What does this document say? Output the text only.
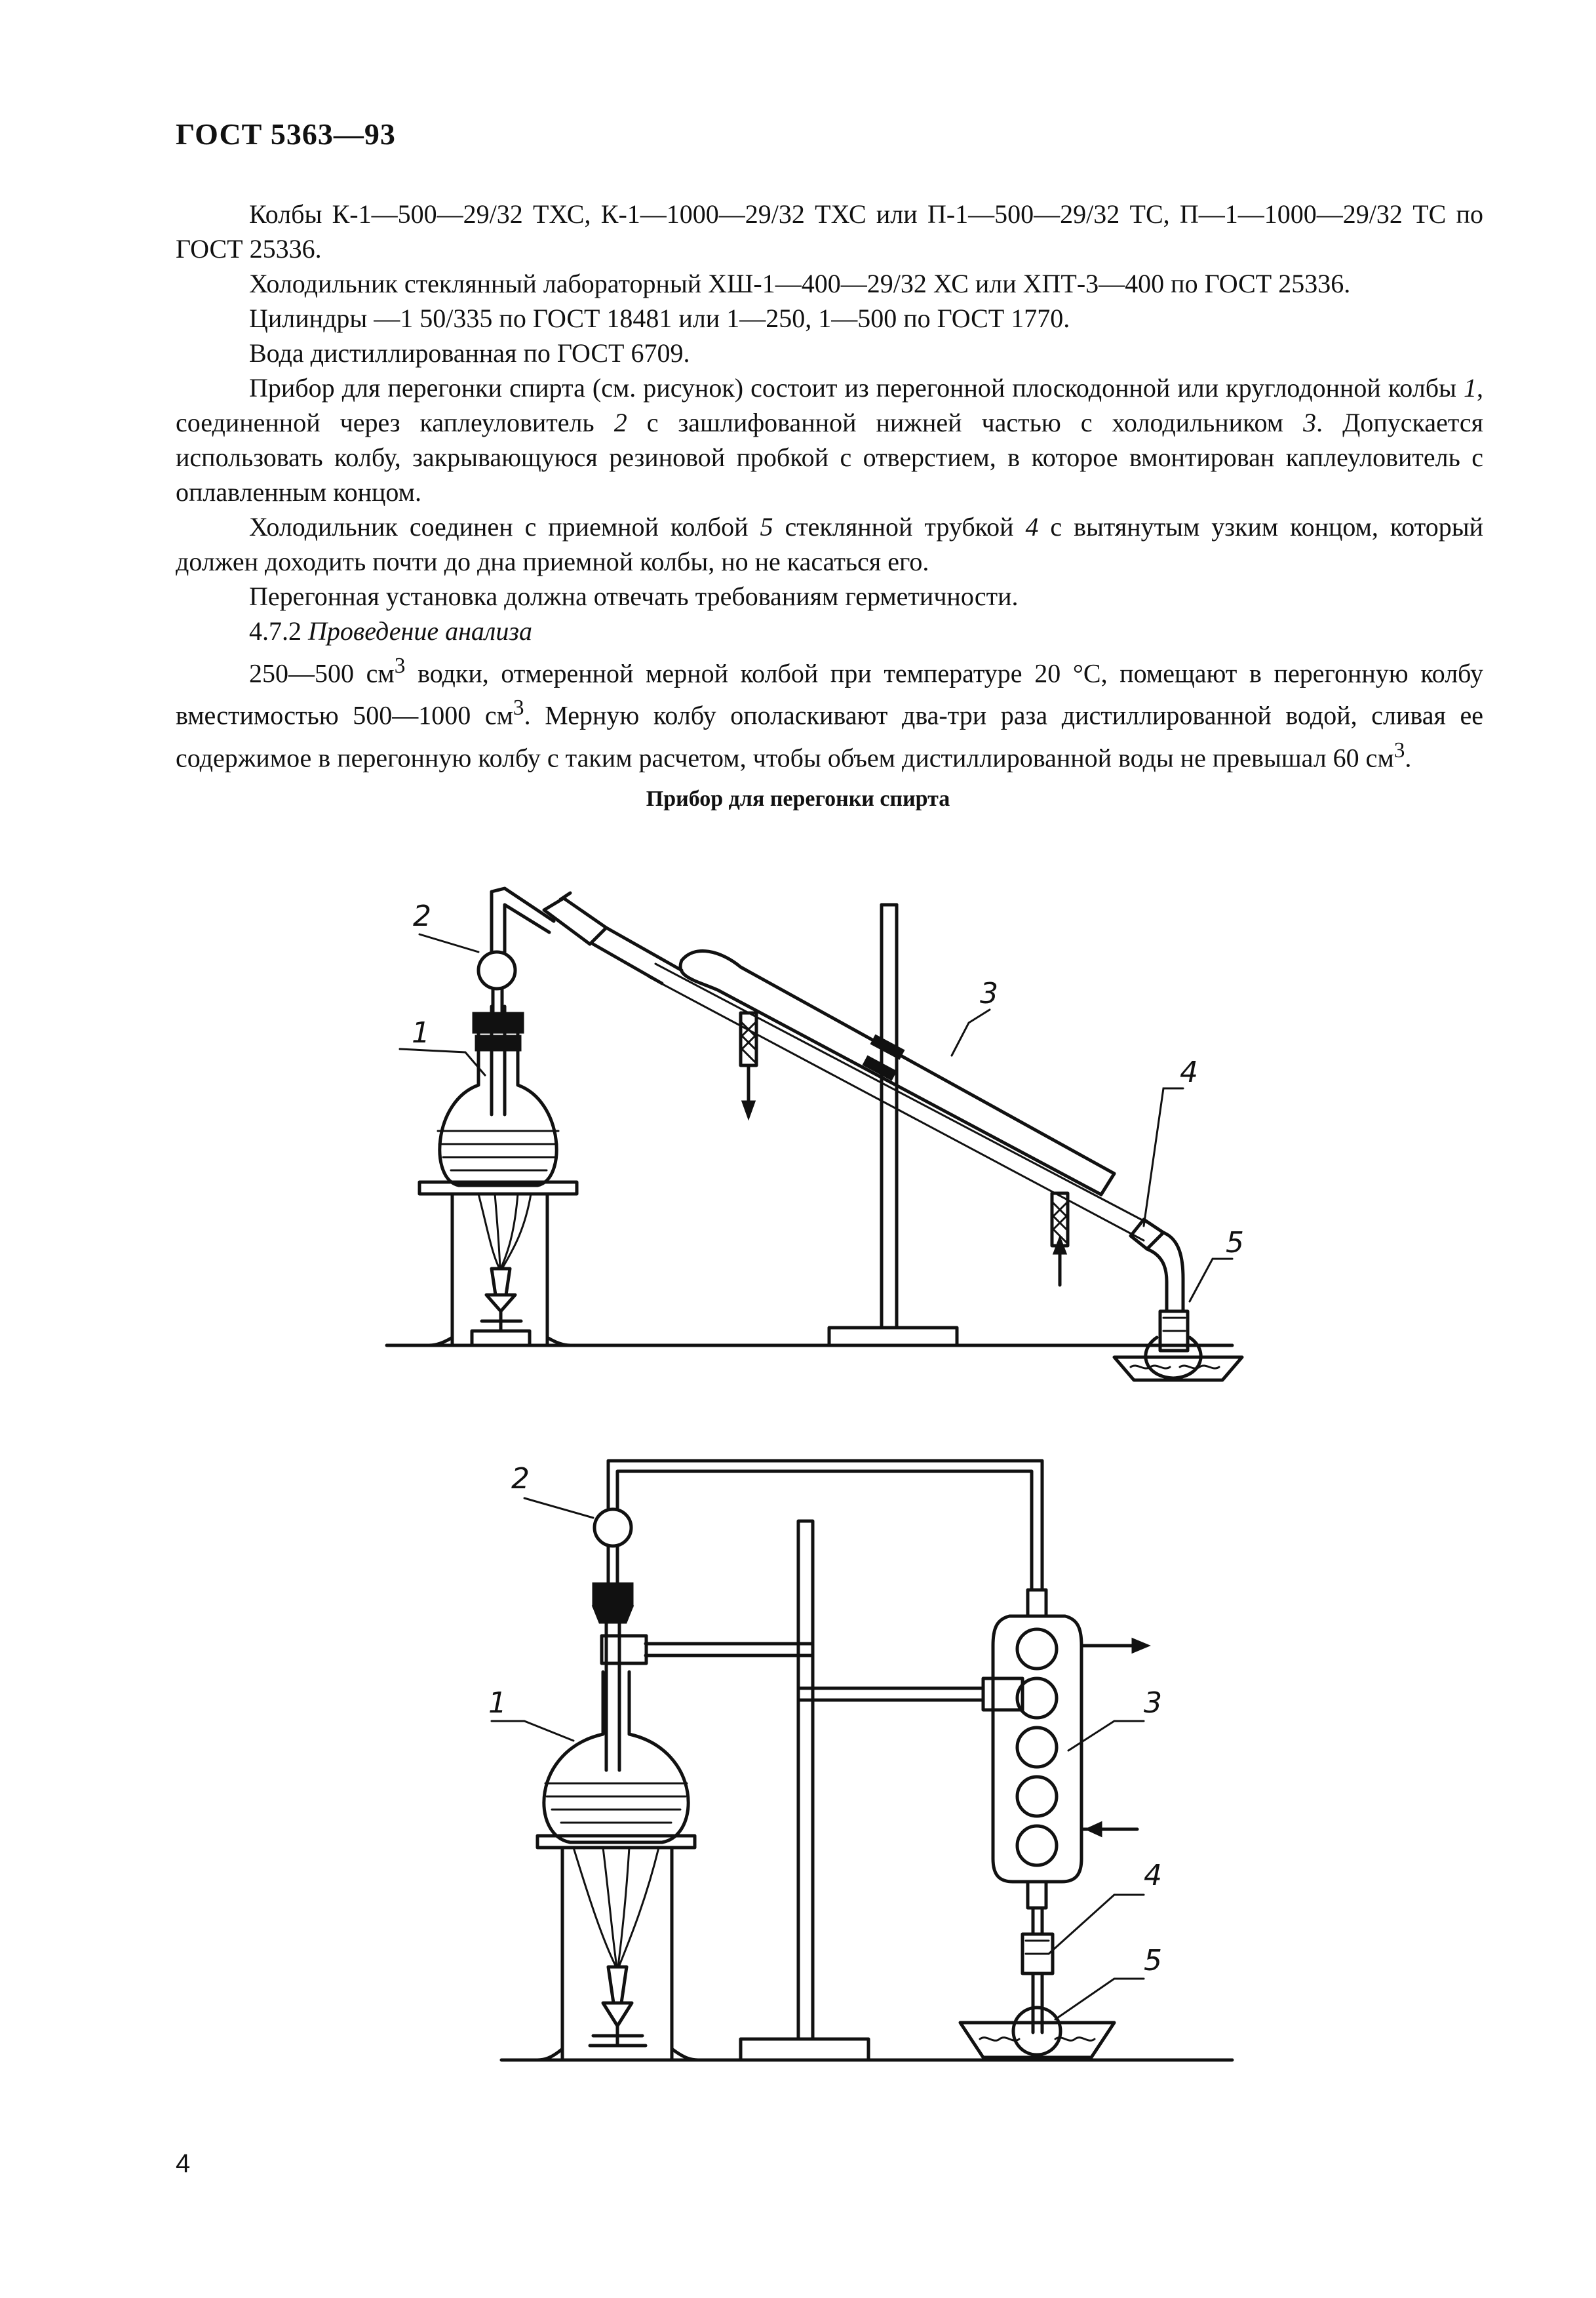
ГОСТ 5363—93

Колбы К-1—500—29/32 ТХС, К-1—1000—29/32 ТХС или П-1—500—29/32 ТС, П—1—1000—29/32 ТС по ГОСТ 25336.

Холодильник стеклянный лабораторный ХШ-1—400—29/32 ХС или ХПТ-3—400 по ГОСТ 25336.

Цилиндры —1 50/335 по ГОСТ 18481 или 1—250, 1—500 по ГОСТ 1770.

Вода дистиллированная по ГОСТ 6709.

Прибор для перегонки спирта (см. рисунок) состоит из перегонной плоскодонной или круглодонной колбы 1, соединенной через каплеуловитель 2 с зашлифованной нижней частью с холодильником 3. Допускается использовать колбу, закрывающуюся резиновой пробкой с отверстием, в которое вмонтирован каплеуловитель с оплавленным концом.

Холодильник соединен с приемной колбой 5 стеклянной трубкой 4 с вытянутым узким концом, который должен доходить почти до дна приемной колбы, но не касаться его.

Перегонная установка должна отвечать требованиям герметичности.

4.7.2 Проведение анализа

250—500 $см^3$ водки, отмеренной мерной колбой при температуре 20 °С, помещают в перегонную колбу вместимостью 500—1000 $см^3$. Мерную колбу ополаскивают два-три раза дистиллированной водой, сливая ее содержимое в перегонную колбу с таким расчетом, чтобы объем дистиллированной воды не превышал 60 $см^3$.

Прибор для перегонки спирта
2
1
3
4
5
2
1	3
4
5
4
